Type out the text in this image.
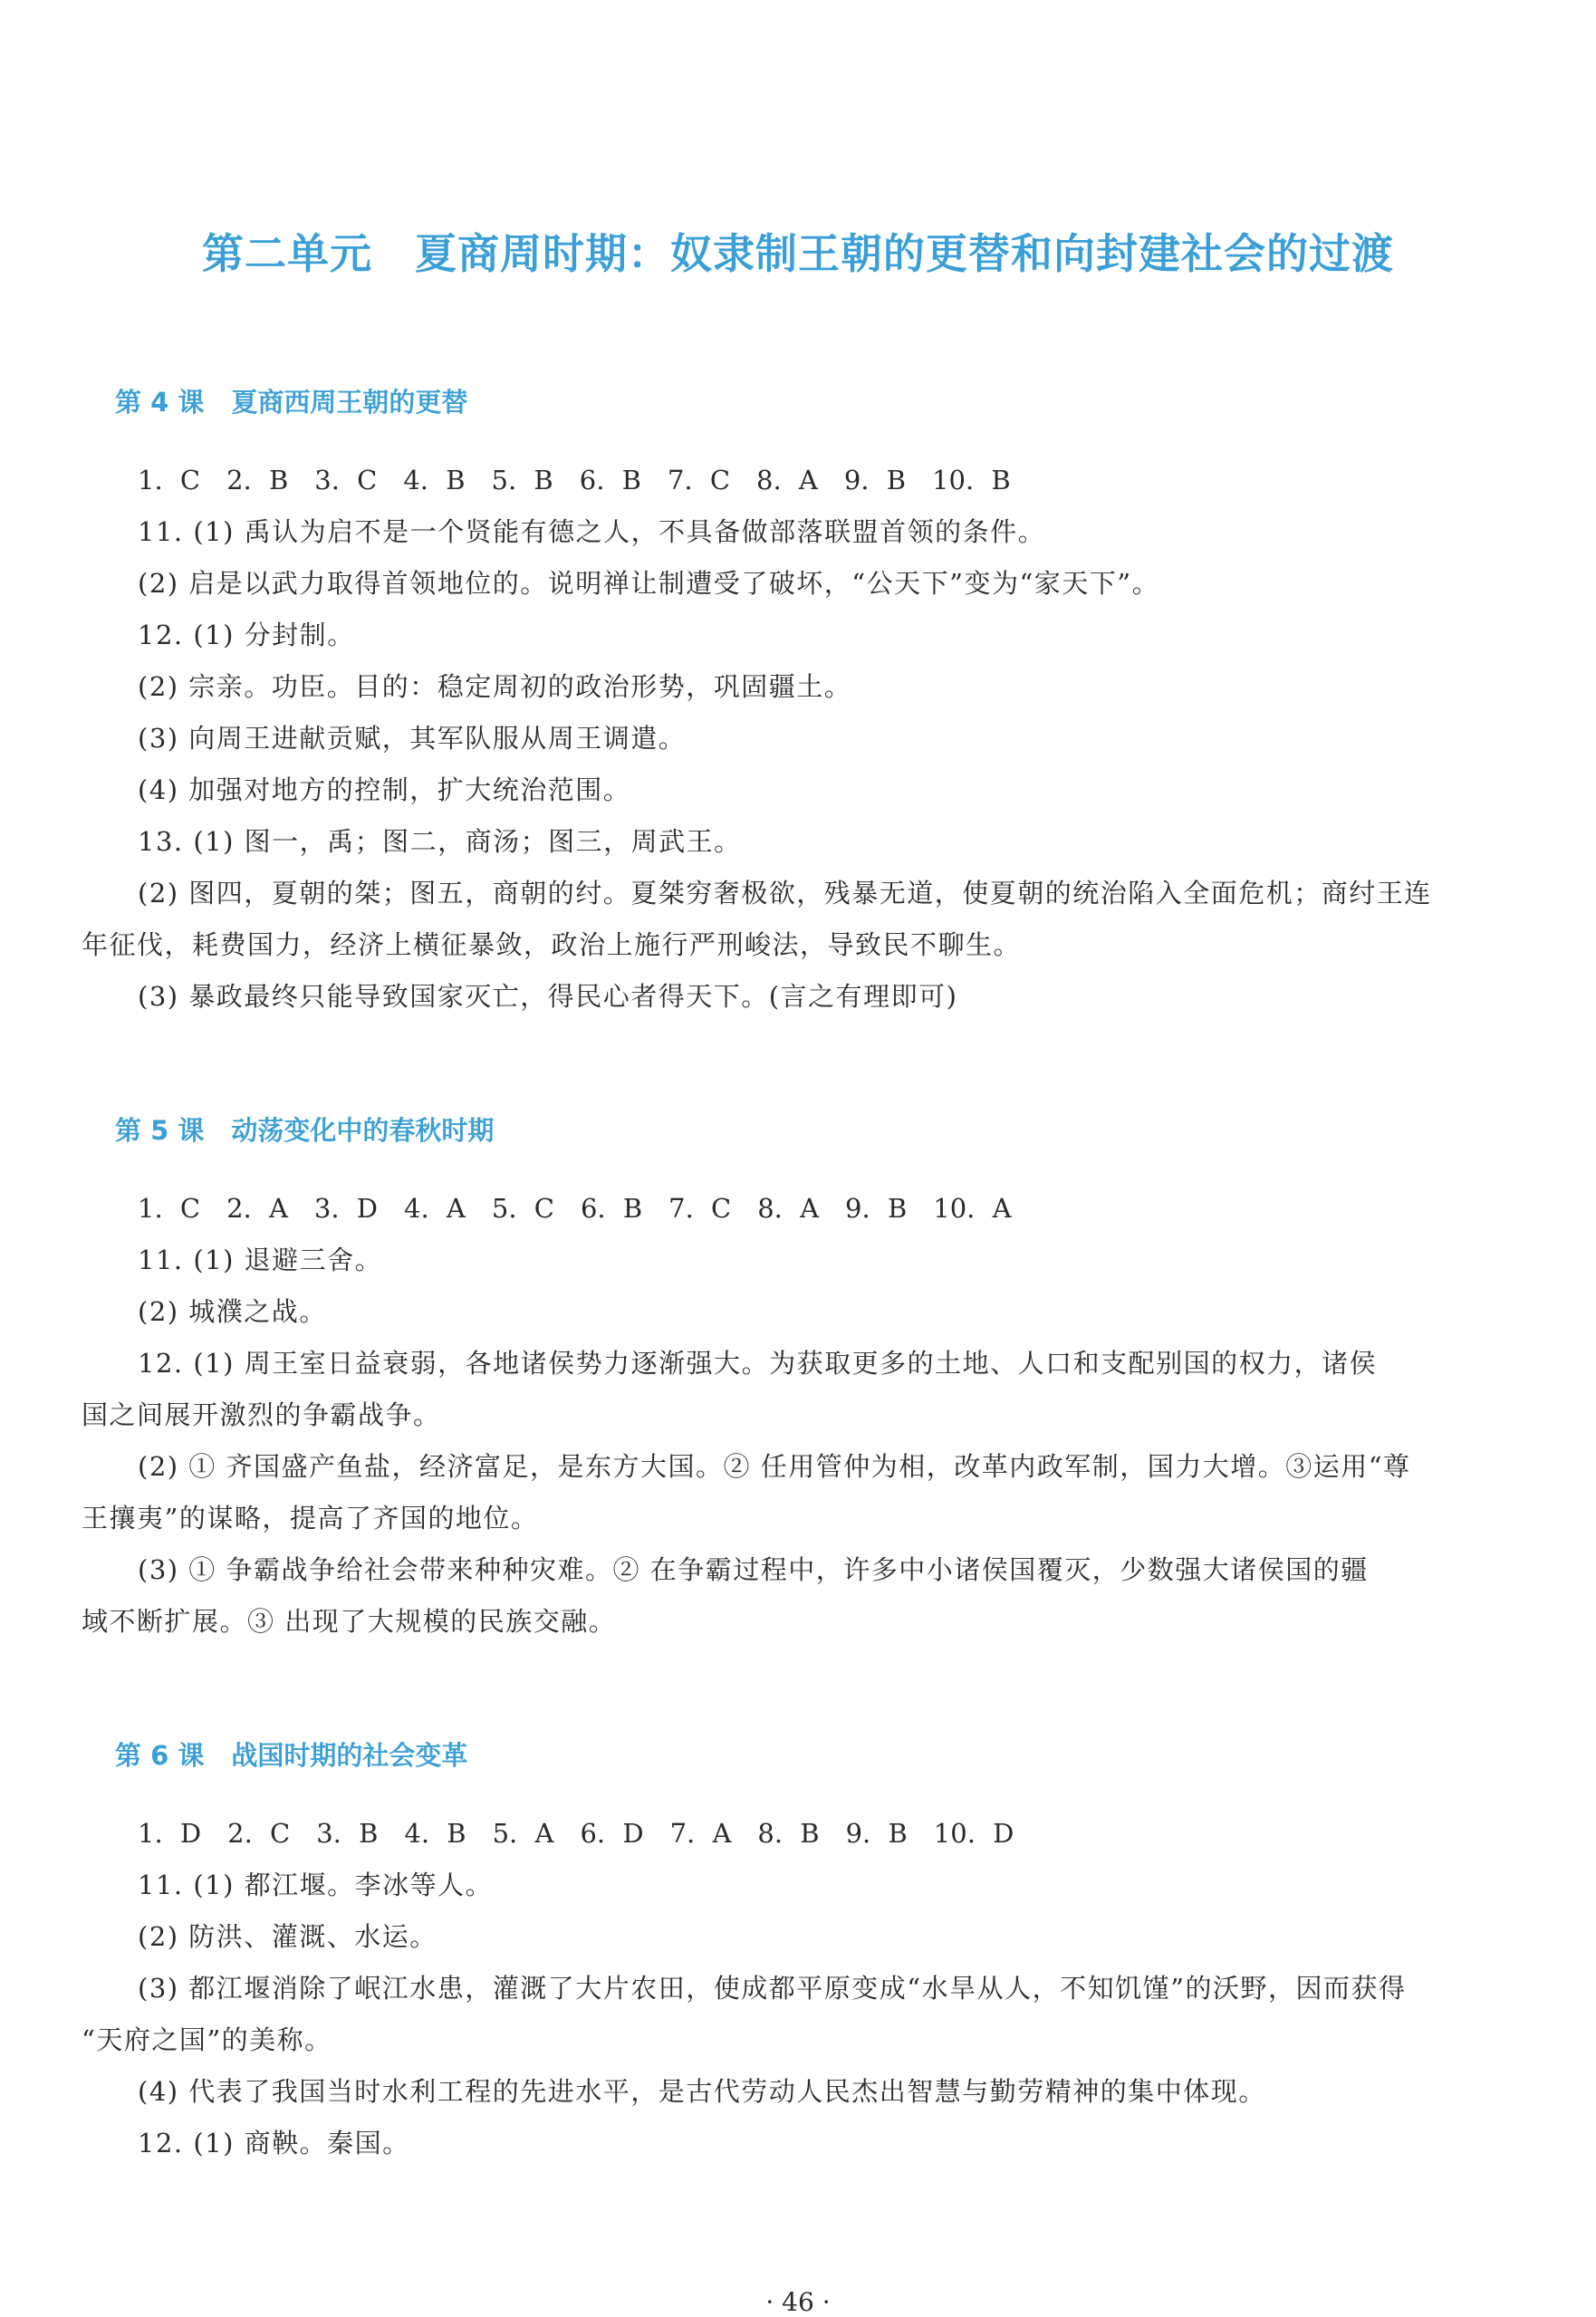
第二单元　夏商周时期：奴隶制王朝的更替和向封建社会的过渡
第 4 课 夏商西周王朝的更替
1. C　2. B　3. C　4. B　5. B　6. B　7. C　8. A　9. B　10. B
11. (1) 禹认为启不是一个贤能有德之人，不具备做部落联盟首领的条件。
(2) 启是以武力取得首领地位的。说明禅让制遭受了破坏，“公天下”变为“家天下”。
12. (1) 分封制。
(2) 宗亲。功臣。目的：稳定周初的政治形势，巩固疆土。
(3) 向周王进献贡赋，其军队服从周王调遣。
(4) 加强对地方的控制，扩大统治范围。
13. (1) 图一，禹；图二，商汤；图三，周武王。
(2) 图四，夏朝的桀；图五，商朝的纣。夏桀穷奢极欲，残暴无道，使夏朝的统治陷入全面危机；商纣王连
年征伐，耗费国力，经济上横征暴敛，政治上施行严刑峻法，导致民不聊生。
(3) 暴政最终只能导致国家灭亡，得民心者得天下。(言之有理即可)
第 5 课 动荡变化中的春秋时期
1. C　2. A　3. D　4. A　5. C　6. B　7. C　8. A　9. B　10. A
11. (1) 退避三舍。
(2) 城濮之战。
12. (1) 周王室日益衰弱，各地诸侯势力逐渐强大。为获取更多的土地、人口和支配别国的权力，诸侯
国之间展开激烈的争霸战争。
(2) ① 齐国盛产鱼盐，经济富足，是东方大国。② 任用管仲为相，改革内政军制，国力大增。③运用“尊
王攘夷”的谋略，提高了齐国的地位。
(3) ① 争霸战争给社会带来种种灾难。② 在争霸过程中，许多中小诸侯国覆灭，少数强大诸侯国的疆
域不断扩展。③ 出现了大规模的民族交融。
第 6 课 战国时期的社会变革
1. D　2. C　3. B　4. B　5. A　6. D　7. A　8. B　9. B　10. D
11. (1) 都江堰。李冰等人。
(2) 防洪、灌溉、水运。
(3) 都江堰消除了岷江水患，灌溉了大片农田，使成都平原变成“水旱从人，不知饥馑”的沃野，因而获得
“天府之国”的美称。
(4) 代表了我国当时水利工程的先进水平，是古代劳动人民杰出智慧与勤劳精神的集中体现。
12. (1) 商鞅。秦国。
· 46 ·
